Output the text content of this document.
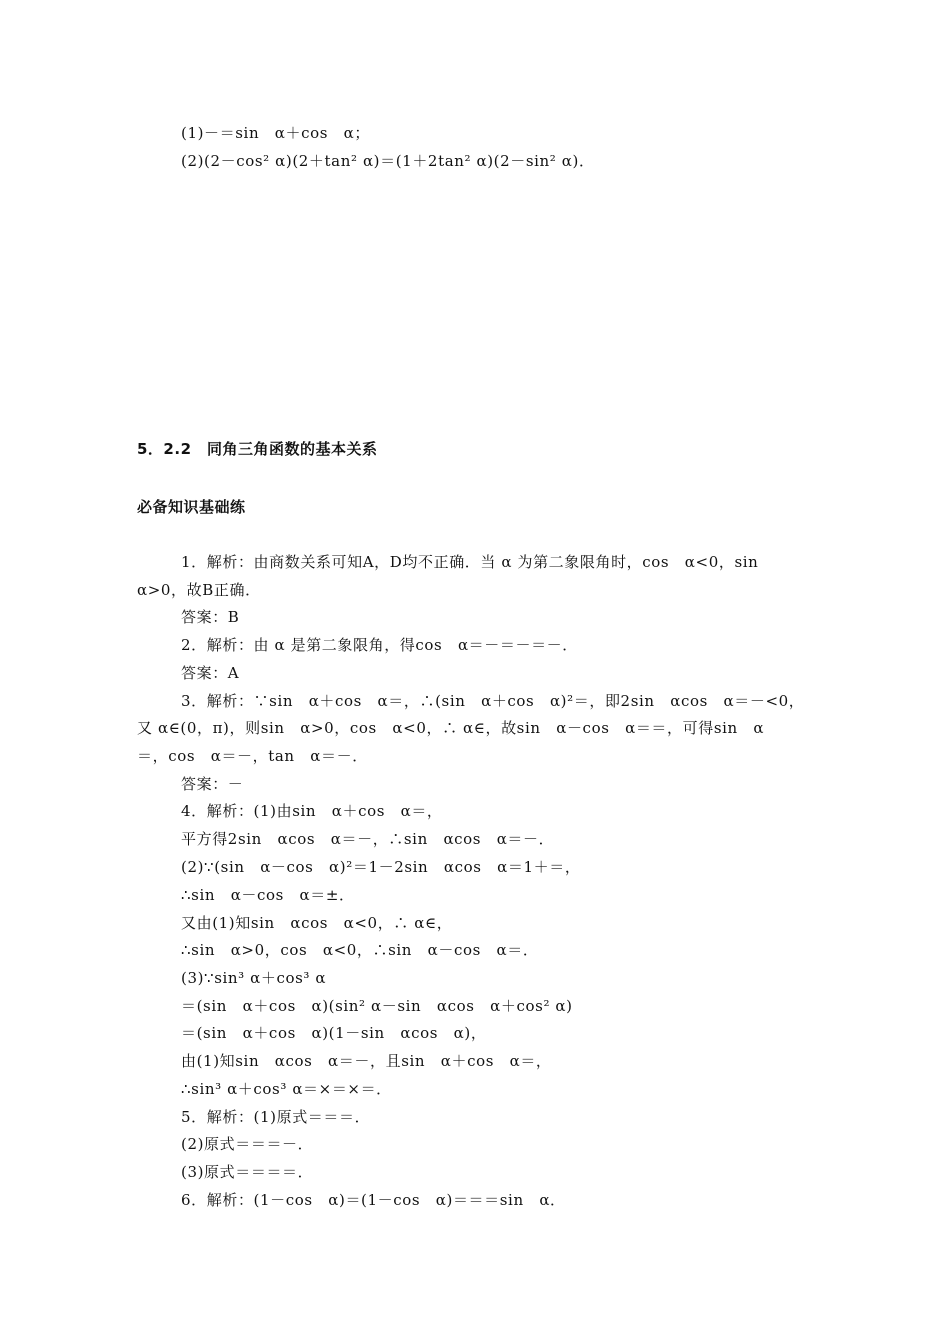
(1)－＝sin　α＋cos　α；
(2)(2－cos² α)(2＋tan² α)＝(1＋2tan² α)(2－sin² α)．
5．2.2　同角三角函数的基本关系
必备知识基础练
1．解析：由商数关系可知A，D均不正确．当 α 为第二象限角时，cos　α<0，sin
α>0，故B正确．
答案：B
2．解析：由 α 是第二象限角，得cos　α＝－＝－＝－．
答案：A
3．解析：∵sin　α＋cos　α＝，∴(sin　α＋cos　α)²＝，即2sin　αcos　α＝－<0，
又 α∈(0，π)，则sin　α>0，cos　α<0，∴ α∈，故sin　α－cos　α＝＝，可得sin　α
＝，cos　α＝－，tan　α＝－．
答案：－
4．解析：(1)由sin　α＋cos　α＝，
平方得2sin　αcos　α＝－，∴sin　αcos　α＝－．
(2)∵(sin　α－cos　α)²＝1－2sin　αcos　α＝1＋＝，
∴sin　α－cos　α＝±．
又由(1)知sin　αcos　α<0，∴ α∈，
∴sin　α>0，cos　α<0，∴sin　α－cos　α＝．
(3)∵sin³ α＋cos³ α
＝(sin　α＋cos　α)(sin² α－sin　αcos　α＋cos² α)
＝(sin　α＋cos　α)(1－sin　αcos　α)，
由(1)知sin　αcos　α＝－，且sin　α＋cos　α＝，
∴sin³ α＋cos³ α＝×＝×＝．
5．解析：(1)原式＝＝＝．
(2)原式＝＝＝－．
(3)原式＝＝＝＝．
6．解析：(1－cos　α)＝(1－cos　α)＝＝＝sin　α．
